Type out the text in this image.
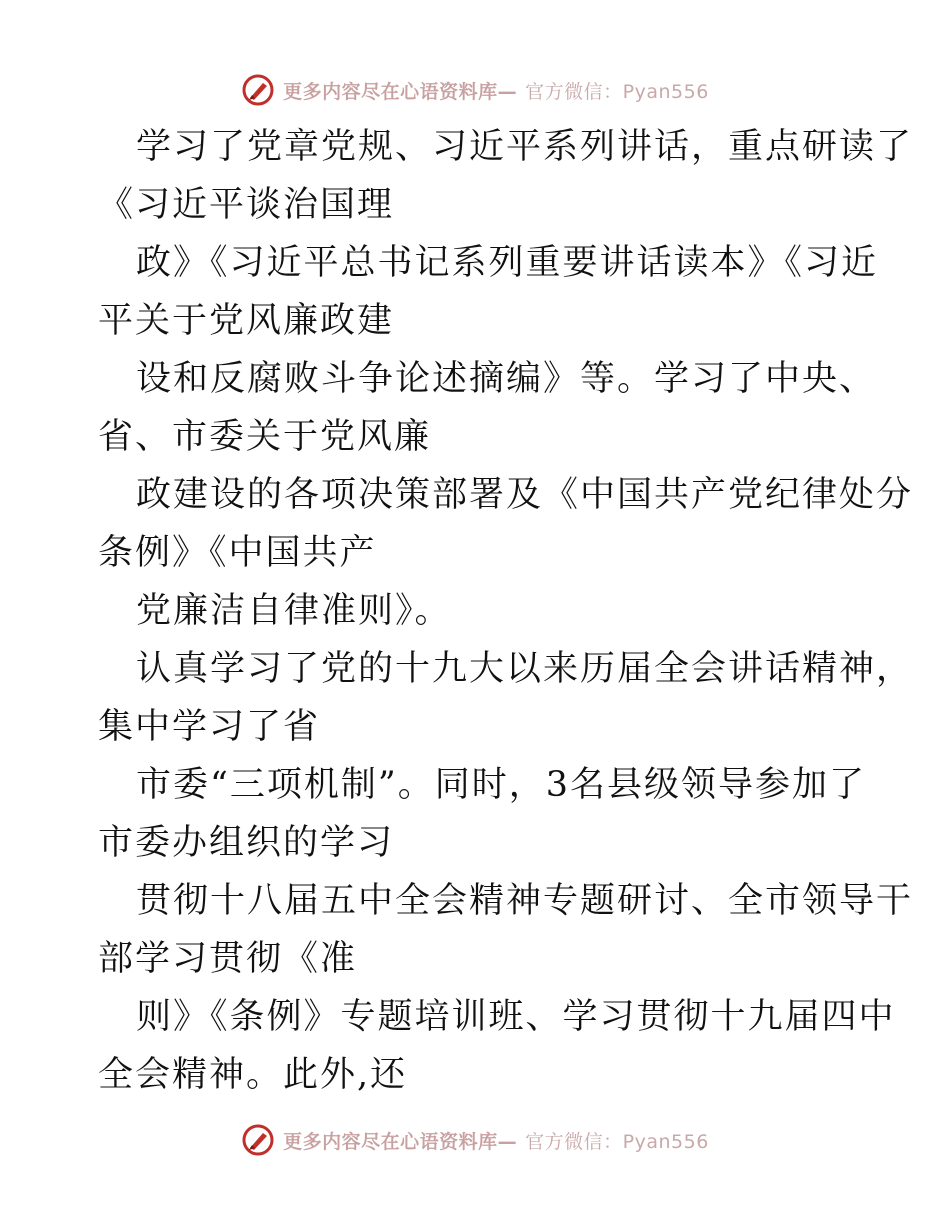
更多内容尽在心语资料库— 官方微信：Pyan556
学习了党章党规、习近平系列讲话，重点研读了
《习近平谈治国理
政》《习近平总书记系列重要讲话读本》《习近
平关于党风廉政建
设和反腐败斗争论述摘编》等。学习了中央、
省、市委关于党风廉
政建设的各项决策部署及《中国共产党纪律处分
条例》《中国共产
党廉洁自律准则》。
认真学习了党的十九大以来历届全会讲话精神，
集中学习了省
市委“三项机制”。同时，3名县级领导参加了
市委办组织的学习
贯彻十八届五中全会精神专题研讨、全市领导干
部学习贯彻《准
则》《条例》专题培训班、学习贯彻十九届四中
全会精神。此外,还
更多内容尽在心语资料库— 官方微信：Pyan556
